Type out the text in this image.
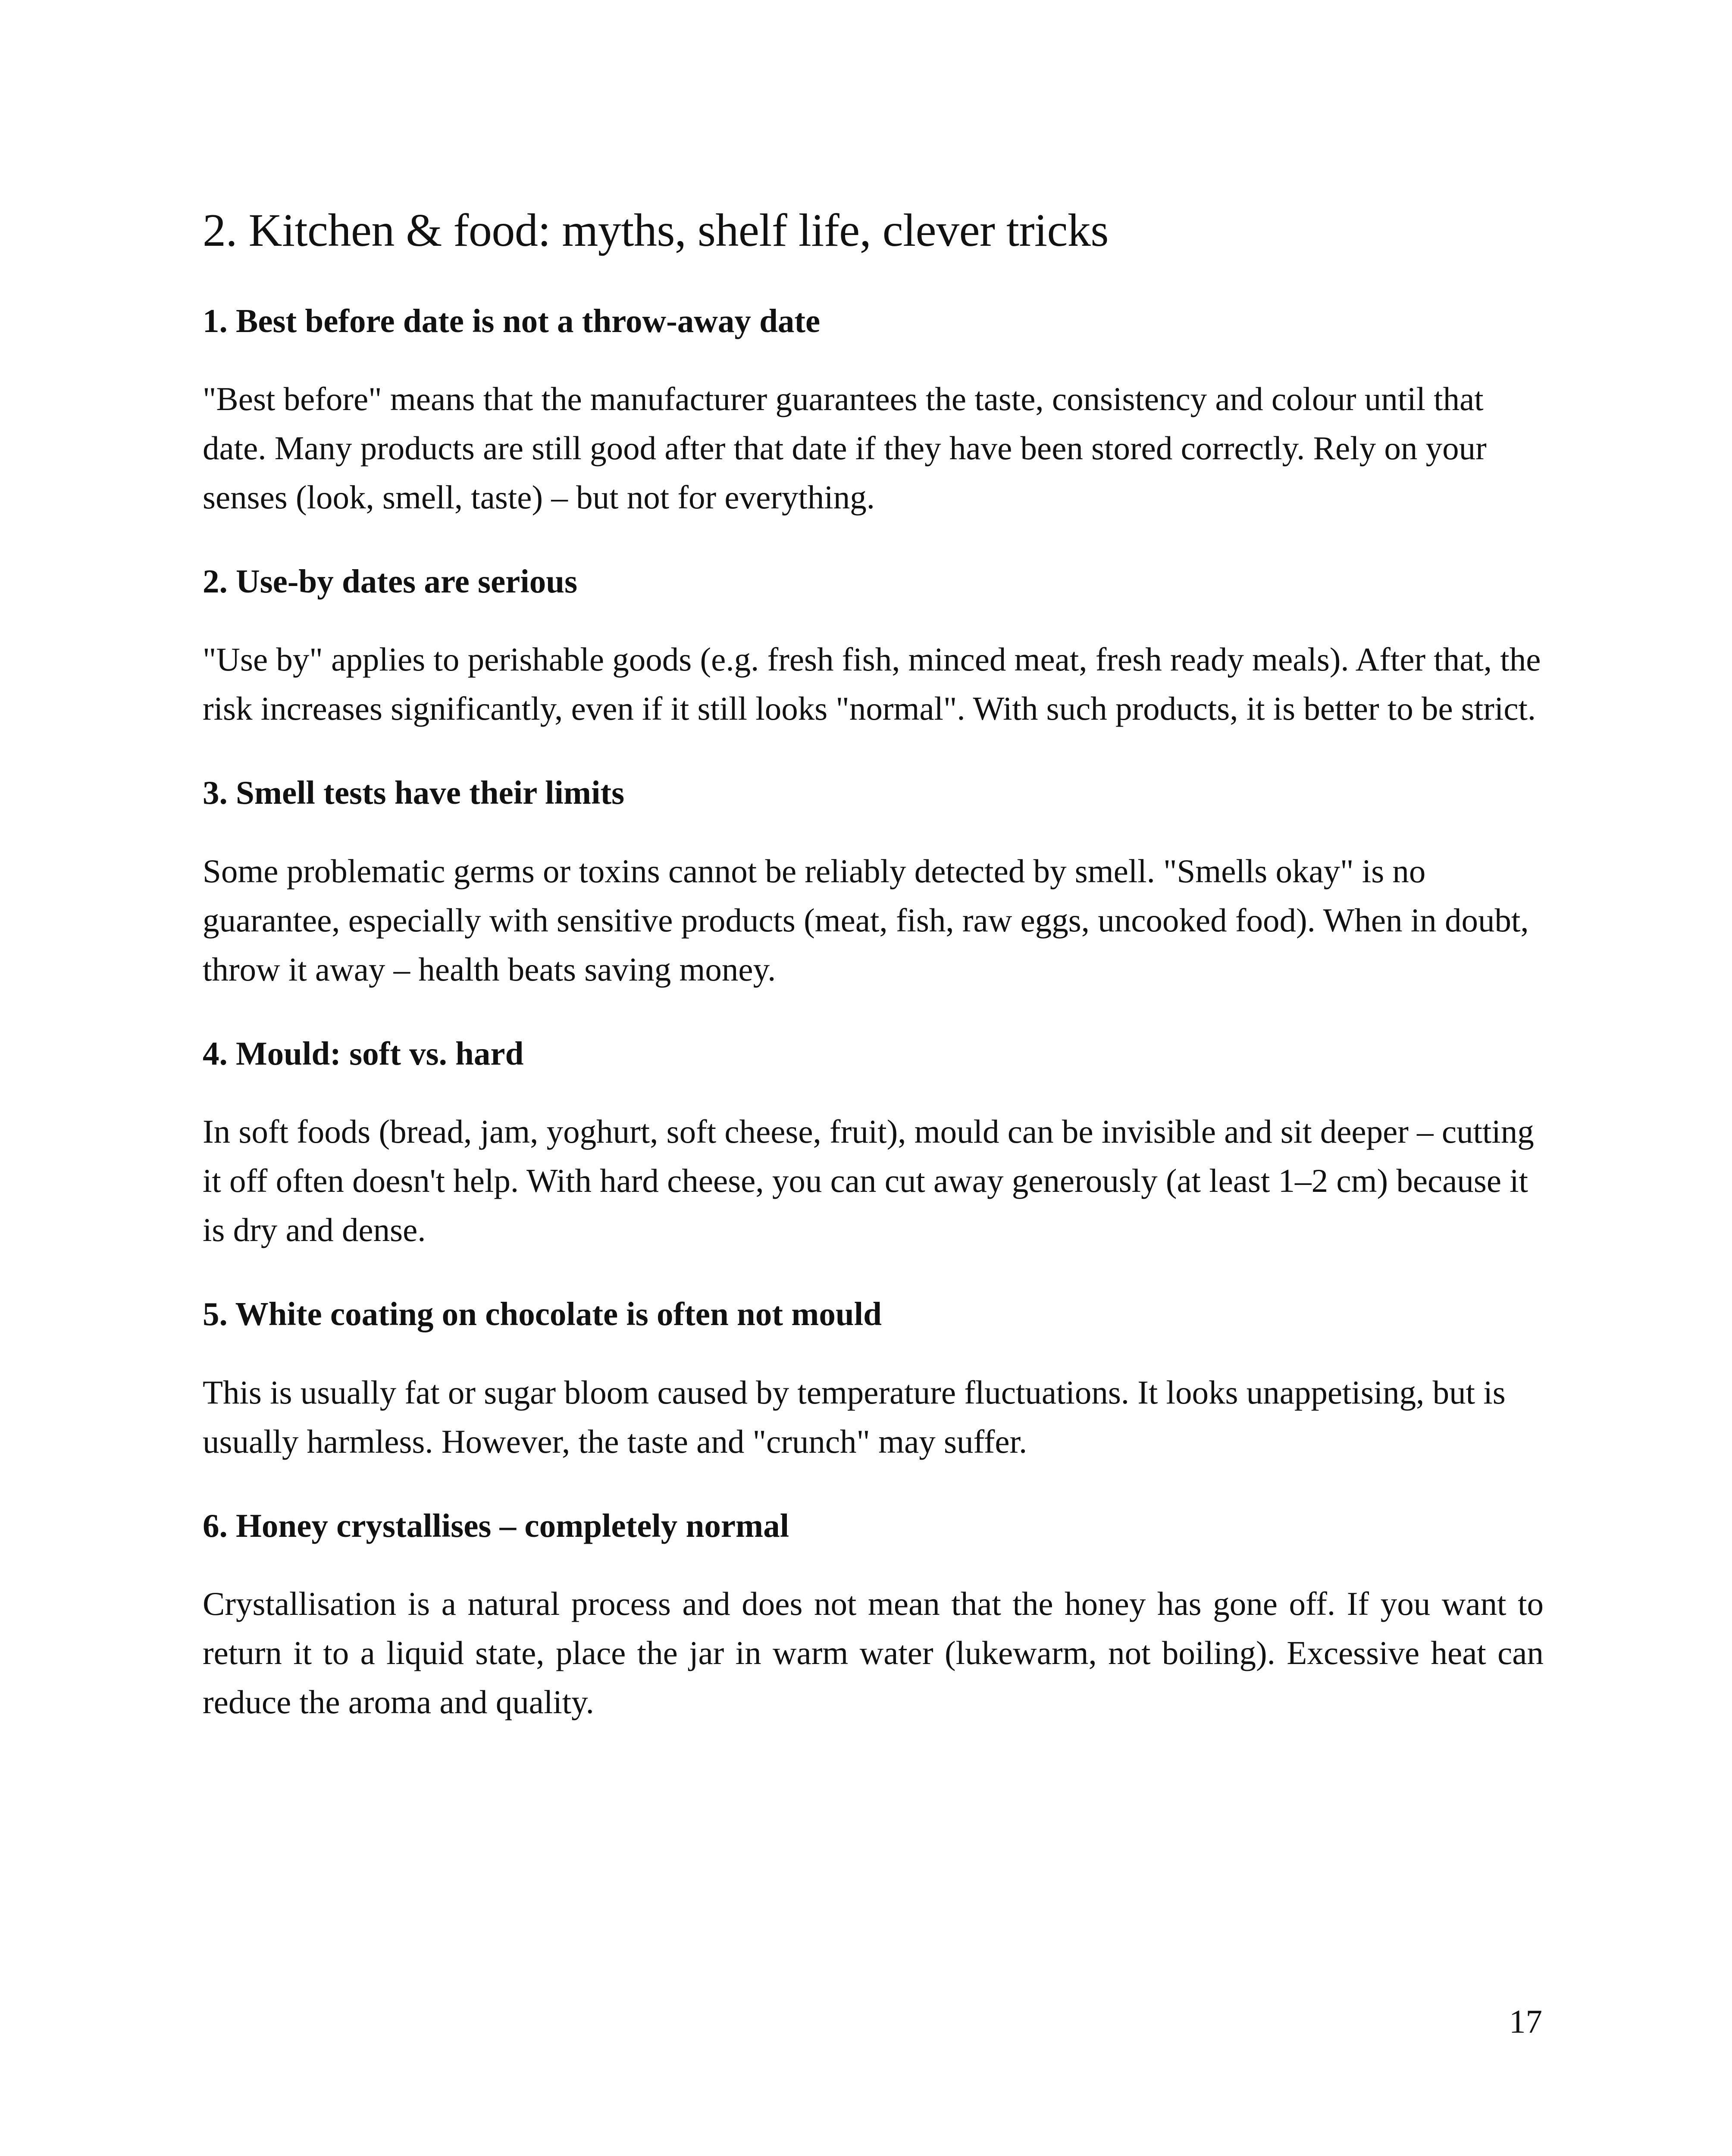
2. Kitchen & food: myths, shelf life, clever tricks
1. Best before date is not a throw-away date

"Best before" means that the manufacturer guarantees the taste, consistency and colour until that date. Many products are still good after that date if they have been stored correctly. Rely on your senses (look, smell, taste) – but not for everything.

2. Use-by dates are serious

"Use by" applies to perishable goods (e.g. fresh fish, minced meat, fresh ready meals). After that, the risk increases significantly, even if it still looks "normal". With such products, it is better to be strict.

3. Smell tests have their limits

Some problematic germs or toxins cannot be reliably detected by smell. "Smells okay" is no guarantee, especially with sensitive products (meat, fish, raw eggs, uncooked food). When in doubt, throw it away – health beats saving money.

4. Mould: soft vs. hard

In soft foods (bread, jam, yoghurt, soft cheese, fruit), mould can be invisible and sit deeper – cutting it off often doesn't help. With hard cheese, you can cut away generously (at least 1–2 cm) because it is dry and dense.

5. White coating on chocolate is often not mould

This is usually fat or sugar bloom caused by temperature fluctuations. It looks unappetising, but is usually harmless. However, the taste and "crunch" may suffer.

6. Honey crystallises – completely normal

Crystallisation is a natural process and does not mean that the honey has gone off. If you want to return it to a liquid state, place the jar in warm water (lukewarm, not boiling). Excessive heat can reduce the aroma and quality.

17
